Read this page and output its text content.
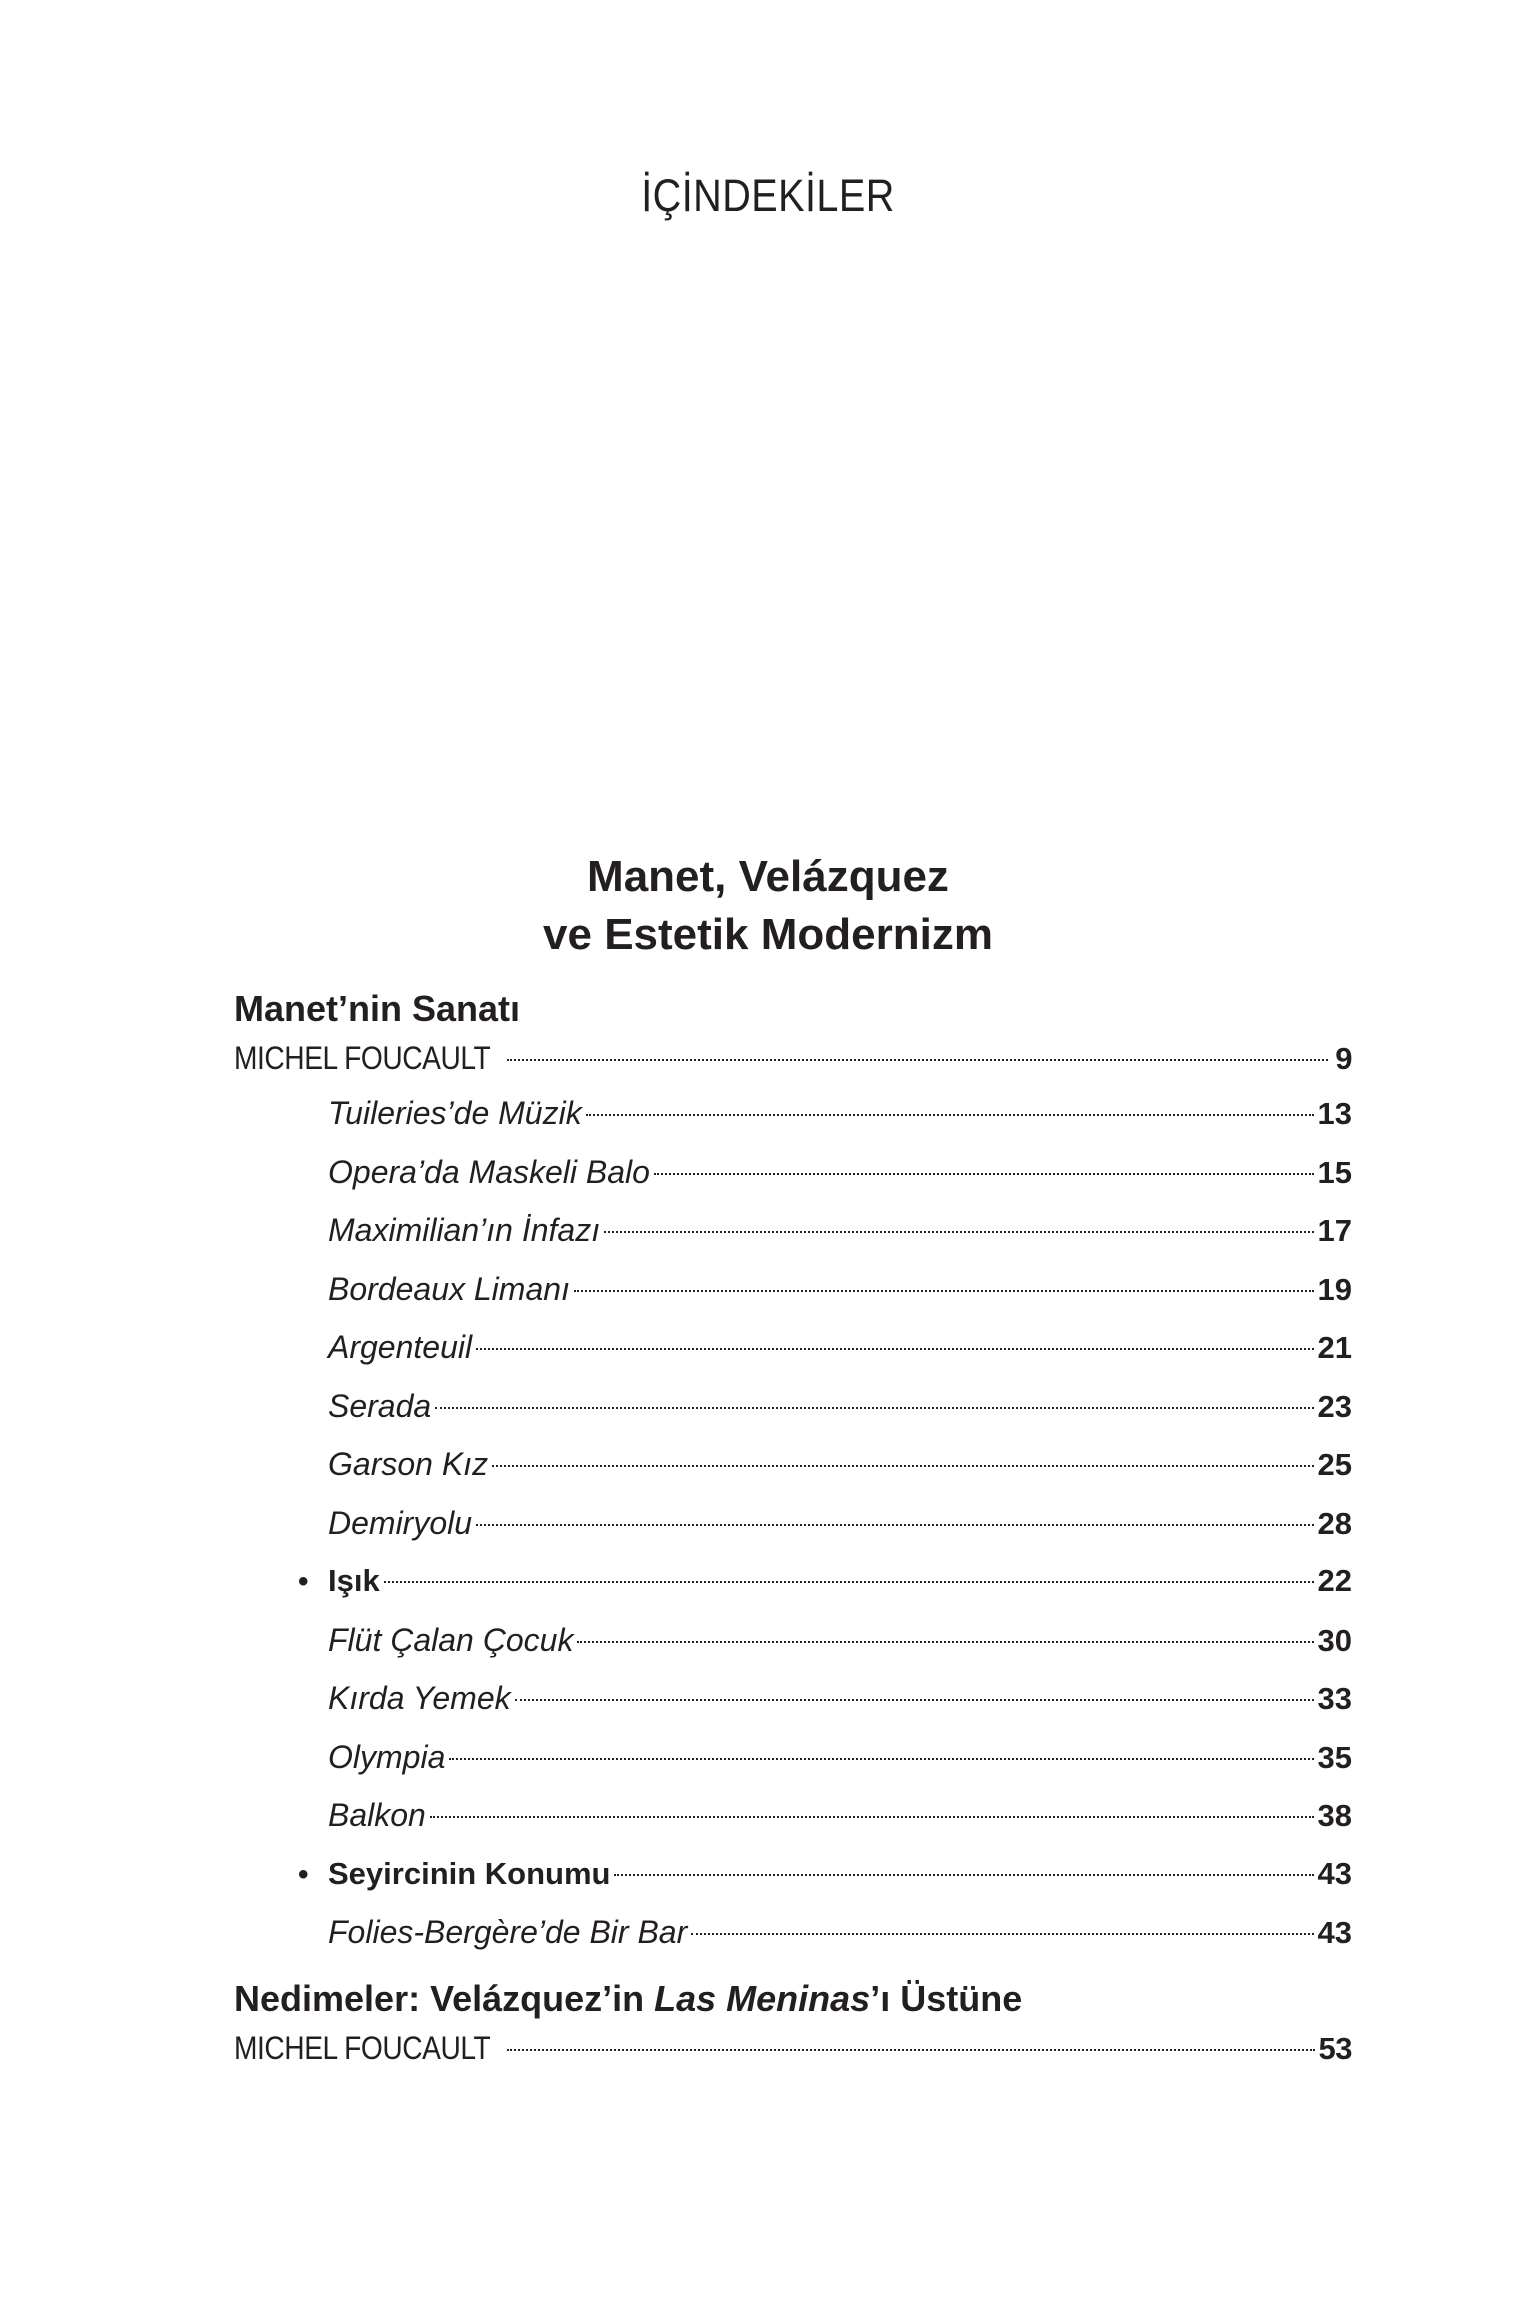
İÇİNDEKİLER
Manet, Velázquez
ve Estetik Modernizm
Manet’nin Sanatı
MICHEL FOUCAULT	9
Tuileries’de Müzik	13
Opera’da Maskeli Balo	15
Maximilian’ın İnfazı	17
Bordeaux Limanı	19
Argenteuil	21
Serada	23
Garson Kız	25
Demiryolu	28
• Işık	22
Flüt Çalan Çocuk	30
Kırda Yemek	33
Olympia	35
Balkon	38
• Seyircinin Konumu	43
Folies-Bergère’de Bir Bar	43
Nedimeler: Velázquez’in Las Meninas’ı Üstüne
MICHEL FOUCAULT	53
